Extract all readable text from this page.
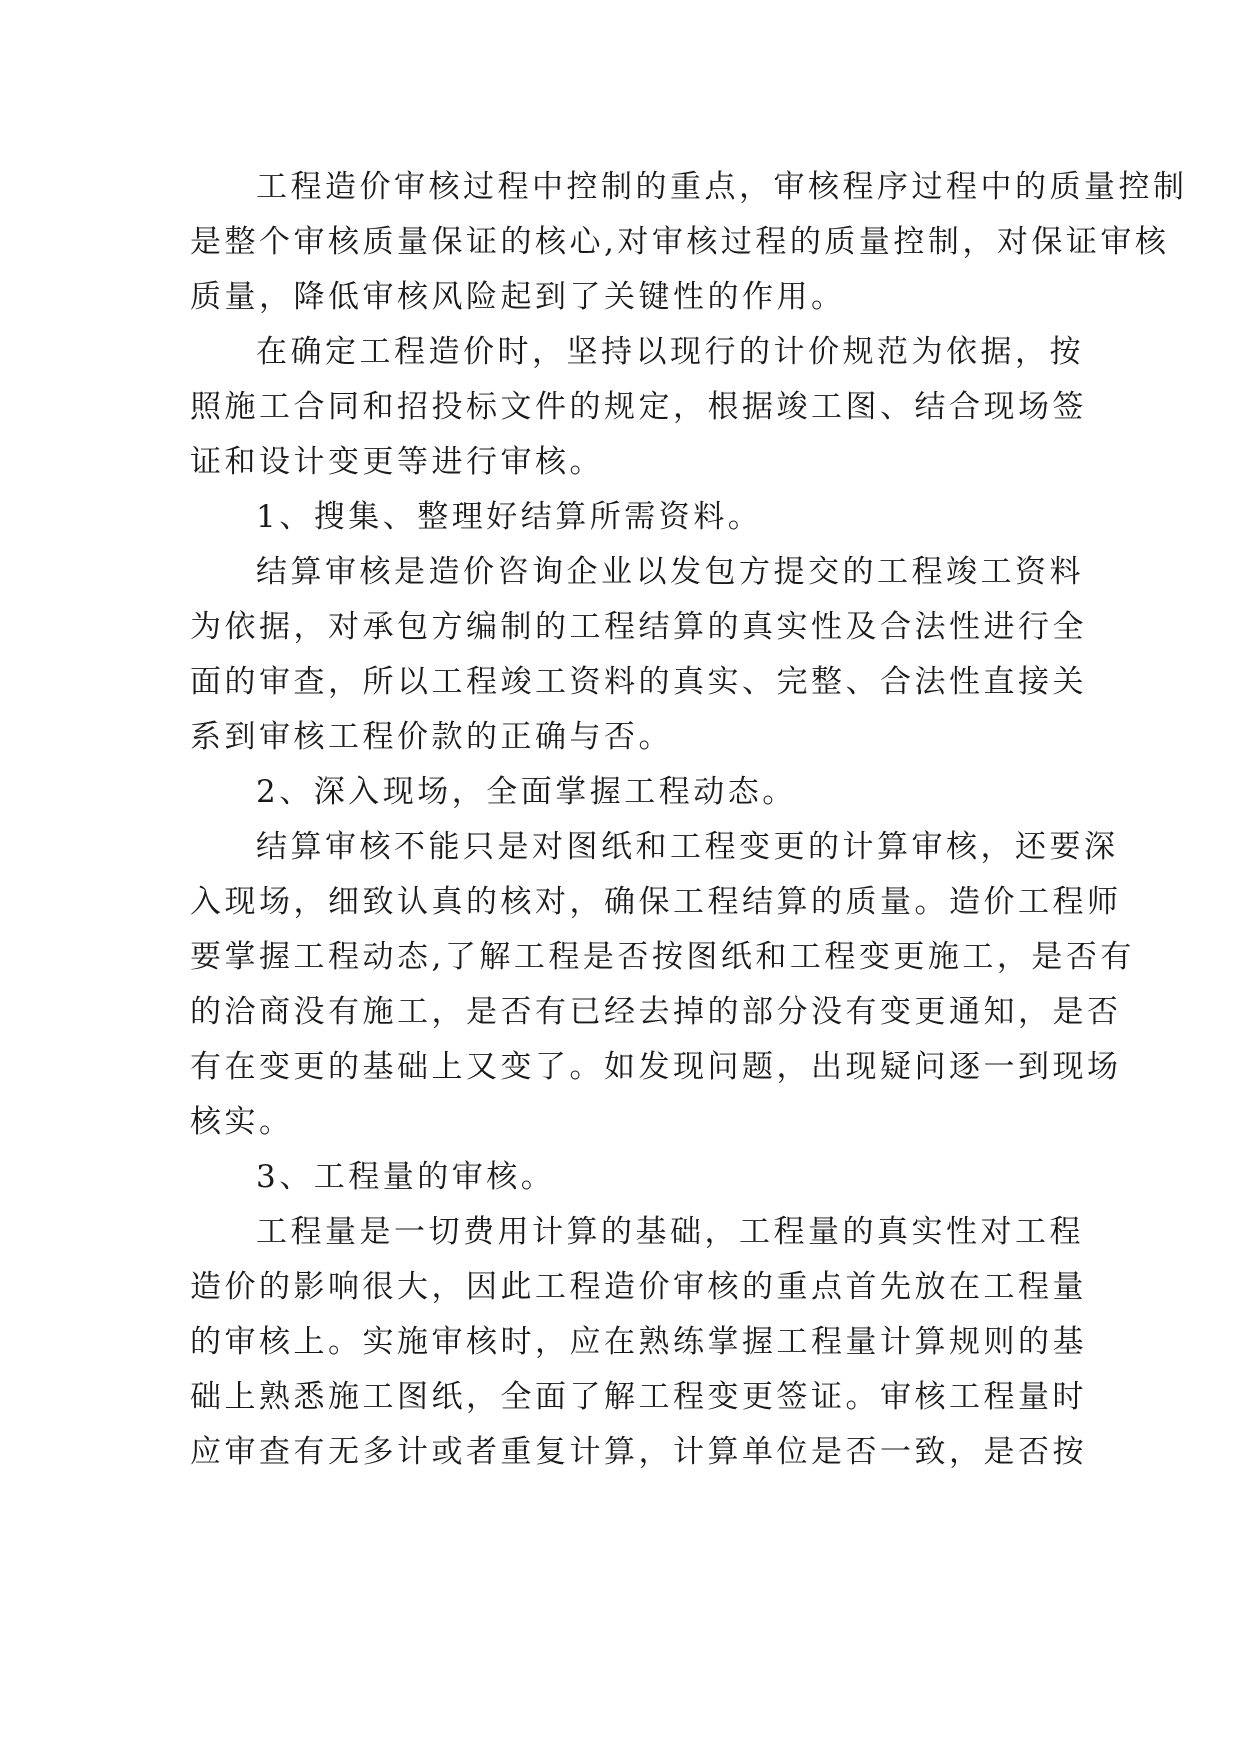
工程造价审核过程中控制的重点，审核程序过程中的质量控制是整个审核质量保证的核心,对审核过程的质量控制，对保证审核质量，降低审核风险起到了关键性的作用。

在确定工程造价时，坚持以现行的计价规范为依据，按照施工合同和招投标文件的规定，根据竣工图、结合现场签证和设计变更等进行审核。

1、搜集、整理好结算所需资料。

结算审核是造价咨询企业以发包方提交的工程竣工资料为依据，对承包方编制的工程结算的真实性及合法性进行全面的审查，所以工程竣工资料的真实、完整、合法性直接关系到审核工程价款的正确与否。

2、深入现场，全面掌握工程动态。

结算审核不能只是对图纸和工程变更的计算审核，还要深入现场，细致认真的核对，确保工程结算的质量。造价工程师要掌握工程动态,了解工程是否按图纸和工程变更施工，是否有的洽商没有施工，是否有已经去掉的部分没有变更通知，是否有在变更的基础上又变了。如发现问题，出现疑问逐一到现场核实。

3、工程量的审核。

工程量是一切费用计算的基础，工程量的真实性对工程造价的影响很大，因此工程造价审核的重点首先放在工程量的审核上。实施审核时，应在熟练掌握工程量计算规则的基础上熟悉施工图纸，全面了解工程变更签证。审核工程量时应审查有无多计或者重复计算，计算单位是否一致，是否按
